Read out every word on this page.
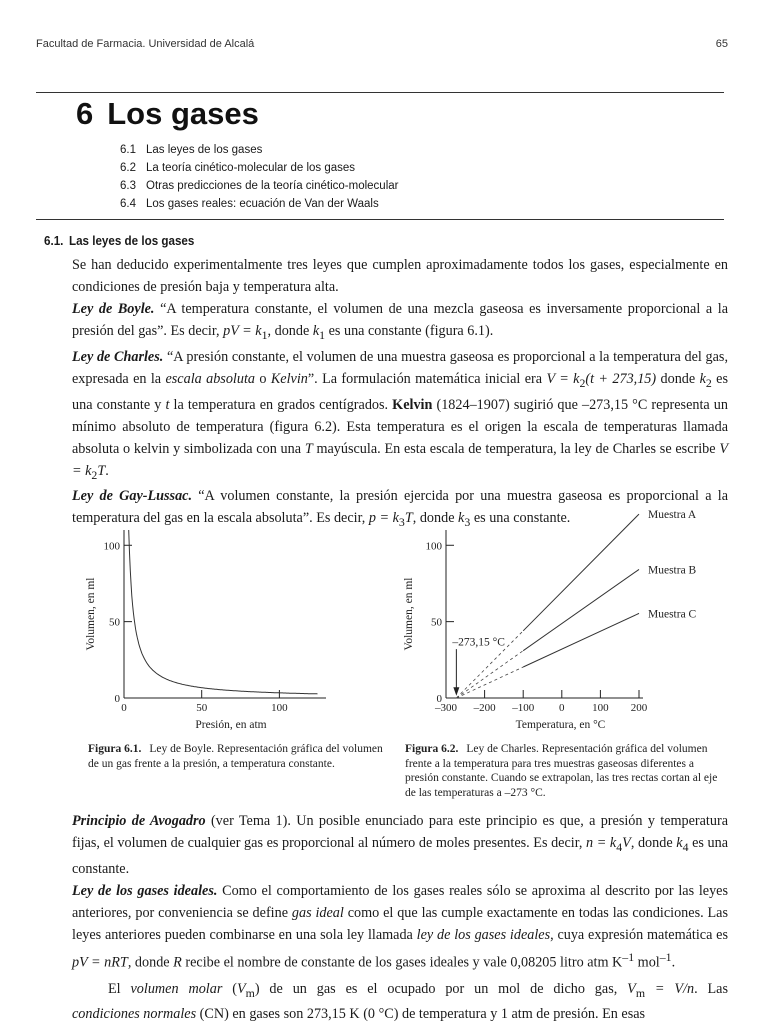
Facultad de Farmacia. Universidad de Alcalá	65
6 Los gases
6.1 Las leyes de los gases
6.2 La teoría cinético-molecular de los gases
6.3 Otras predicciones de la teoría cinético-molecular
6.4 Los gases reales: ecuación de Van der Waals
6.1. Las leyes de los gases

Se han deducido experimentalmente tres leyes que cumplen aproximadamente todos los gases, especialmente en condiciones de presión baja y temperatura alta.

Ley de Boyle. “A temperatura constante, el volumen de una mezcla gaseosa es inversamente proporcional a la presión del gas”. Es decir, pV = $k_1$, donde $k_1$ es una constante (figura 6.1).

Ley de Charles. “A presión constante, el volumen de una muestra gaseosa es proporcional a la temperatura del gas, expresada en la escala absoluta o Kelvin”. La formulación matemática inicial era $V = k_2(t + 273,15)$ donde $k_2$ es una constante y t la temperatura en grados centígrados. Kelvin (1824–1907) sugirió que –273,15 °C representa un mínimo absoluto de temperatura (figura 6.2). Esta temperatura es el origen la escala de temperaturas llamada absoluta o kelvin y simbolizada con una T mayúscula. En esta escala de temperatura, la ley de Charles se escribe $V = k_2T$.

Ley de Gay-Lussac. “A volumen constante, la presión ejercida por una muestra gaseosa es proporcional a la temperatura del gas en la escala absoluta”. Es decir, $p = k_3T$, donde $k_3$ es una constante.

0
50
100
0	50	100
Presión, en atm
Volumen, en ml
Figura 6.1. Ley de Boyle. Representación gráfica del volumen de un gas frente a la presión, a temperatura constante.
0
50
100
–300 –200 –100 0	100 200
Temperatura, en °C
Volumen, en ml
Muestra A
Muestra B
Muestra C
–273,15 °C
Figura 6.2. Ley de Charles. Representación gráfica del volumen frente a la temperatura para tres muestras gaseosas diferentes a presión constante. Cuando se extrapolan, las tres rectas cortan al eje de las temperaturas a –273 °C.

Principio de Avogadro (ver Tema 1). Un posible enunciado para este principio es que, a presión y temperatura fijas, el volumen de cualquier gas es proporcional al número de moles presentes. Es decir, $n = k_4V$, donde $k_4$ es una constante.

Ley de los gases ideales. Como el comportamiento de los gases reales sólo se aproxima al descrito por las leyes anteriores, por conveniencia se define gas ideal como el que las cumple exactamente en todas las condiciones. Las leyes anteriores pueden combinarse en una sola ley llamada ley de los gases ideales, cuya expresión matemática es pV = nRT, donde R recibe el nombre de constante de los gases ideales y vale 0,08205 litro atm $K^{-1}$ mol$^{-1}$.

El volumen molar $(V_m)$ de un gas es el ocupado por un mol de dicho gas, $V_m = V/n$. Las

condiciones normales (CN) en gases son 273,15 K (0 °C) de temperatura y 1 atm de presión. En esas
